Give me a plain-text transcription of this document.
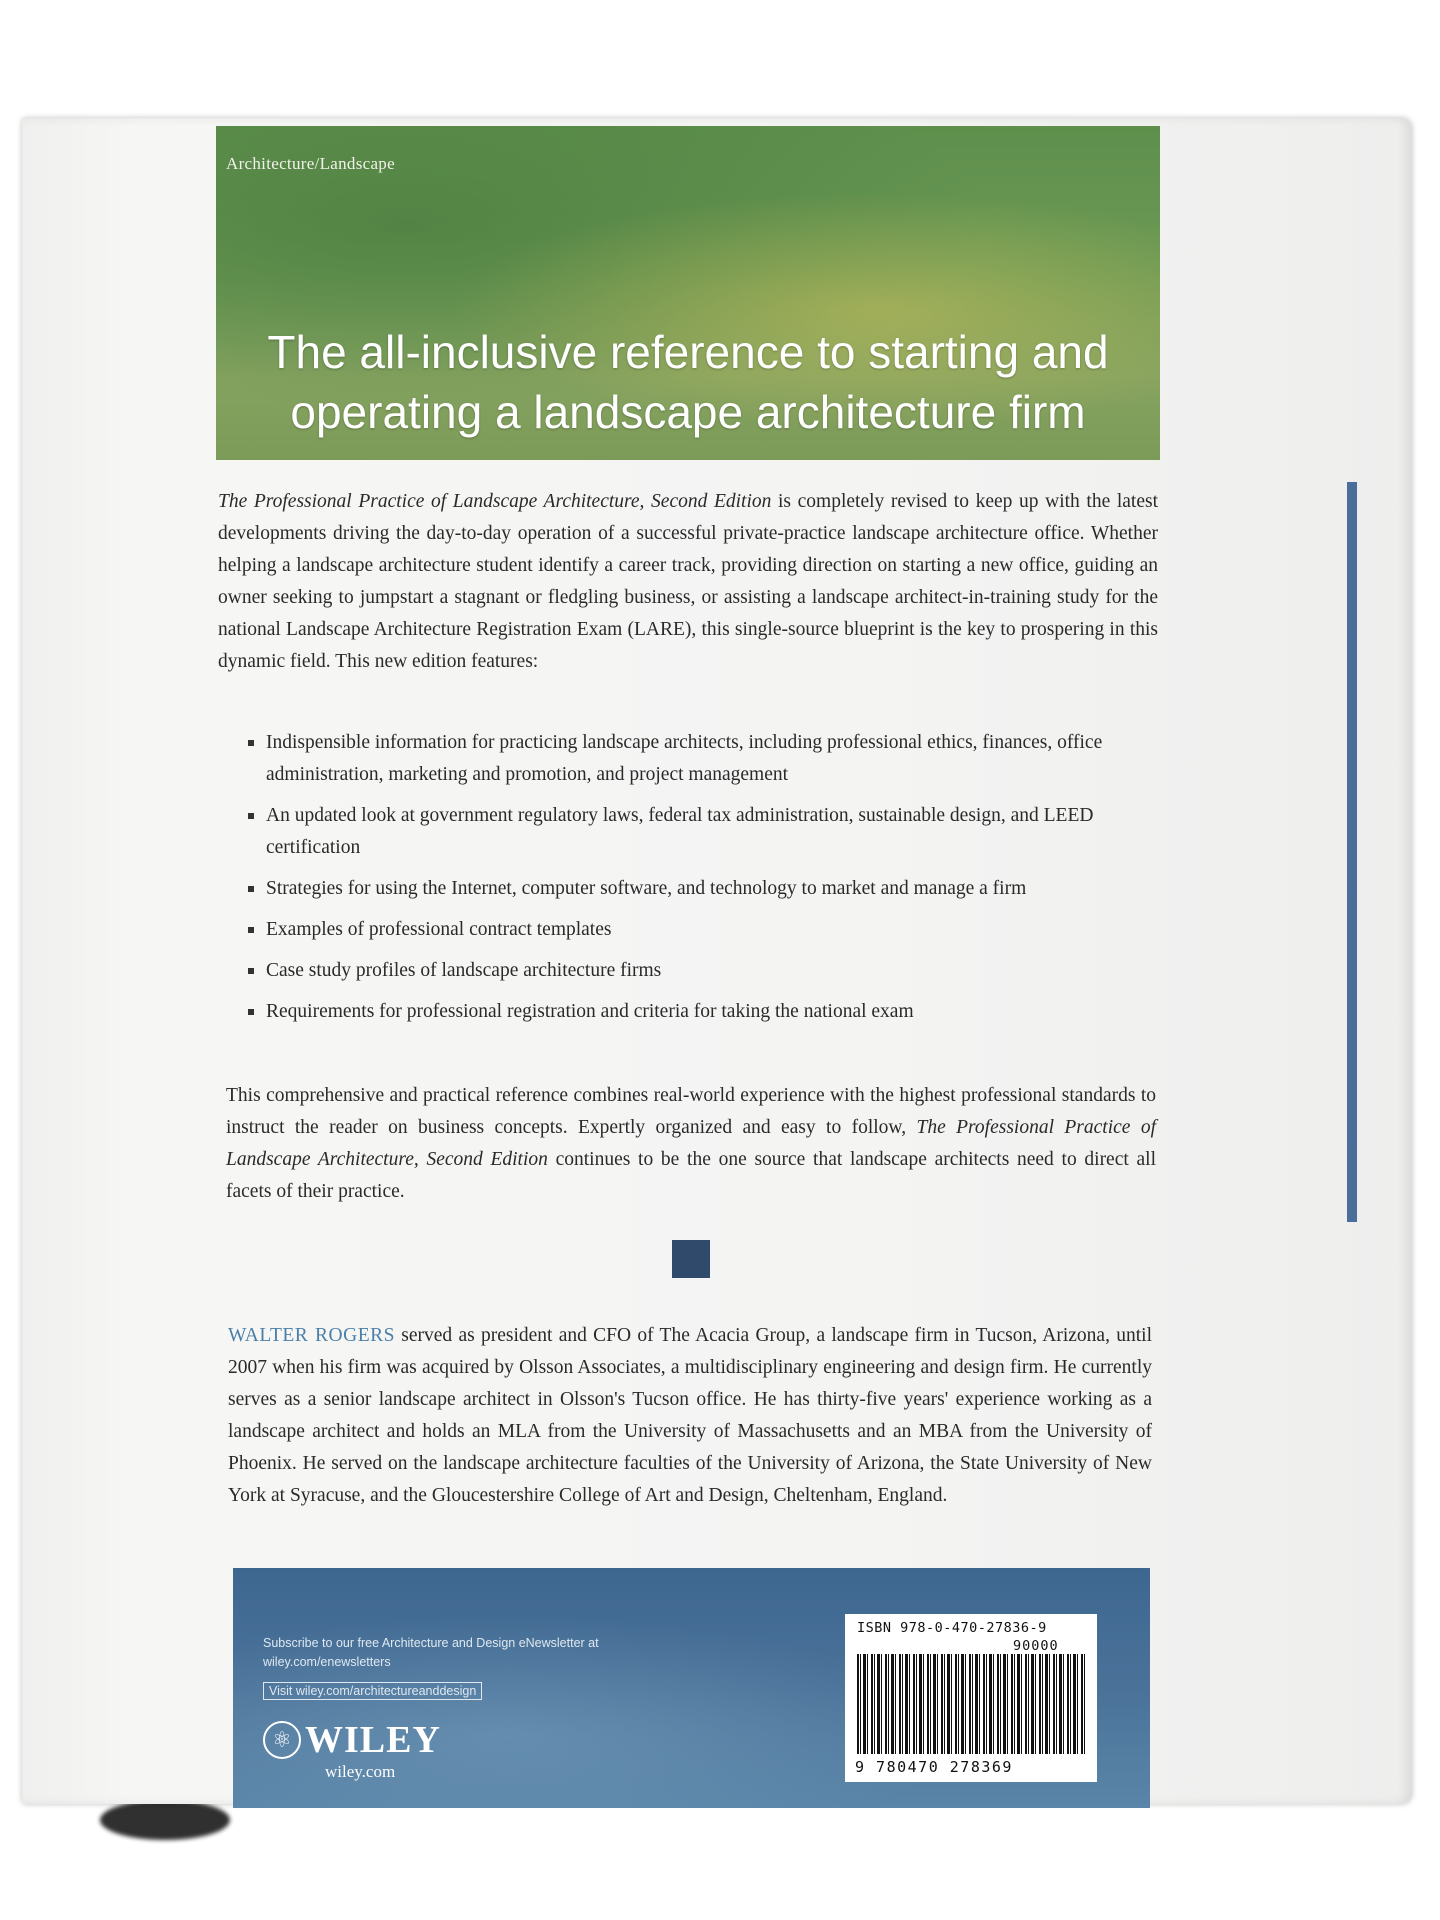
Architecture/Landscape
The all-inclusive reference to starting and
operating a landscape architecture firm

The Professional Practice of Landscape Architecture, Second Edition is completely revised to keep up with the latest developments driving the day-to-day operation of a successful private-practice landscape architecture office. Whether helping a landscape architecture student identify a career track, providing direction on starting a new office, guiding an owner seeking to jumpstart a stagnant or fledgling business, or assisting a landscape architect-in-training study for the national Landscape Architecture Registration Exam (LARE), this single-source blueprint is the key to prospering in this dynamic field. This new edition features:

Indispensible information for practicing landscape architects, including professional ethics, finances, office administration, marketing and promotion, and project management
An updated look at government regulatory laws, federal tax administration, sustainable design, and LEED certification
Strategies for using the Internet, computer software, and technology to market and manage a firm
Examples of professional contract templates
Case study profiles of landscape architecture firms
Requirements for professional registration and criteria for taking the national exam

This comprehensive and practical reference combines real-world experience with the highest professional standards to instruct the reader on business concepts. Expertly organized and easy to follow, The Professional Practice of Landscape Architecture, Second Edition continues to be the one source that landscape architects need to direct all facets of their practice.

WALTER ROGERS served as president and CFO of The Acacia Group, a landscape firm in Tucson, Arizona, until 2007 when his firm was acquired by Olsson Associates, a multidisciplinary engineering and design firm. He currently serves as a senior landscape architect in Olsson's Tucson office. He has thirty-five years' experience working as a landscape architect and holds an MLA from the University of Massachusetts and an MBA from the University of Phoenix. He served on the landscape architecture faculties of the University of Arizona, the State University of New York at Syracuse, and the Gloucestershire College of Art and Design, Cheltenham, England.

Subscribe to our free Architecture and Design eNewsletter at
wiley.com/enewsletters
Visit wiley.com/architectureanddesign
⚛ WILEY
wiley.com
ISBN 978-0-470-27836-9
90000
9 780470 278369
